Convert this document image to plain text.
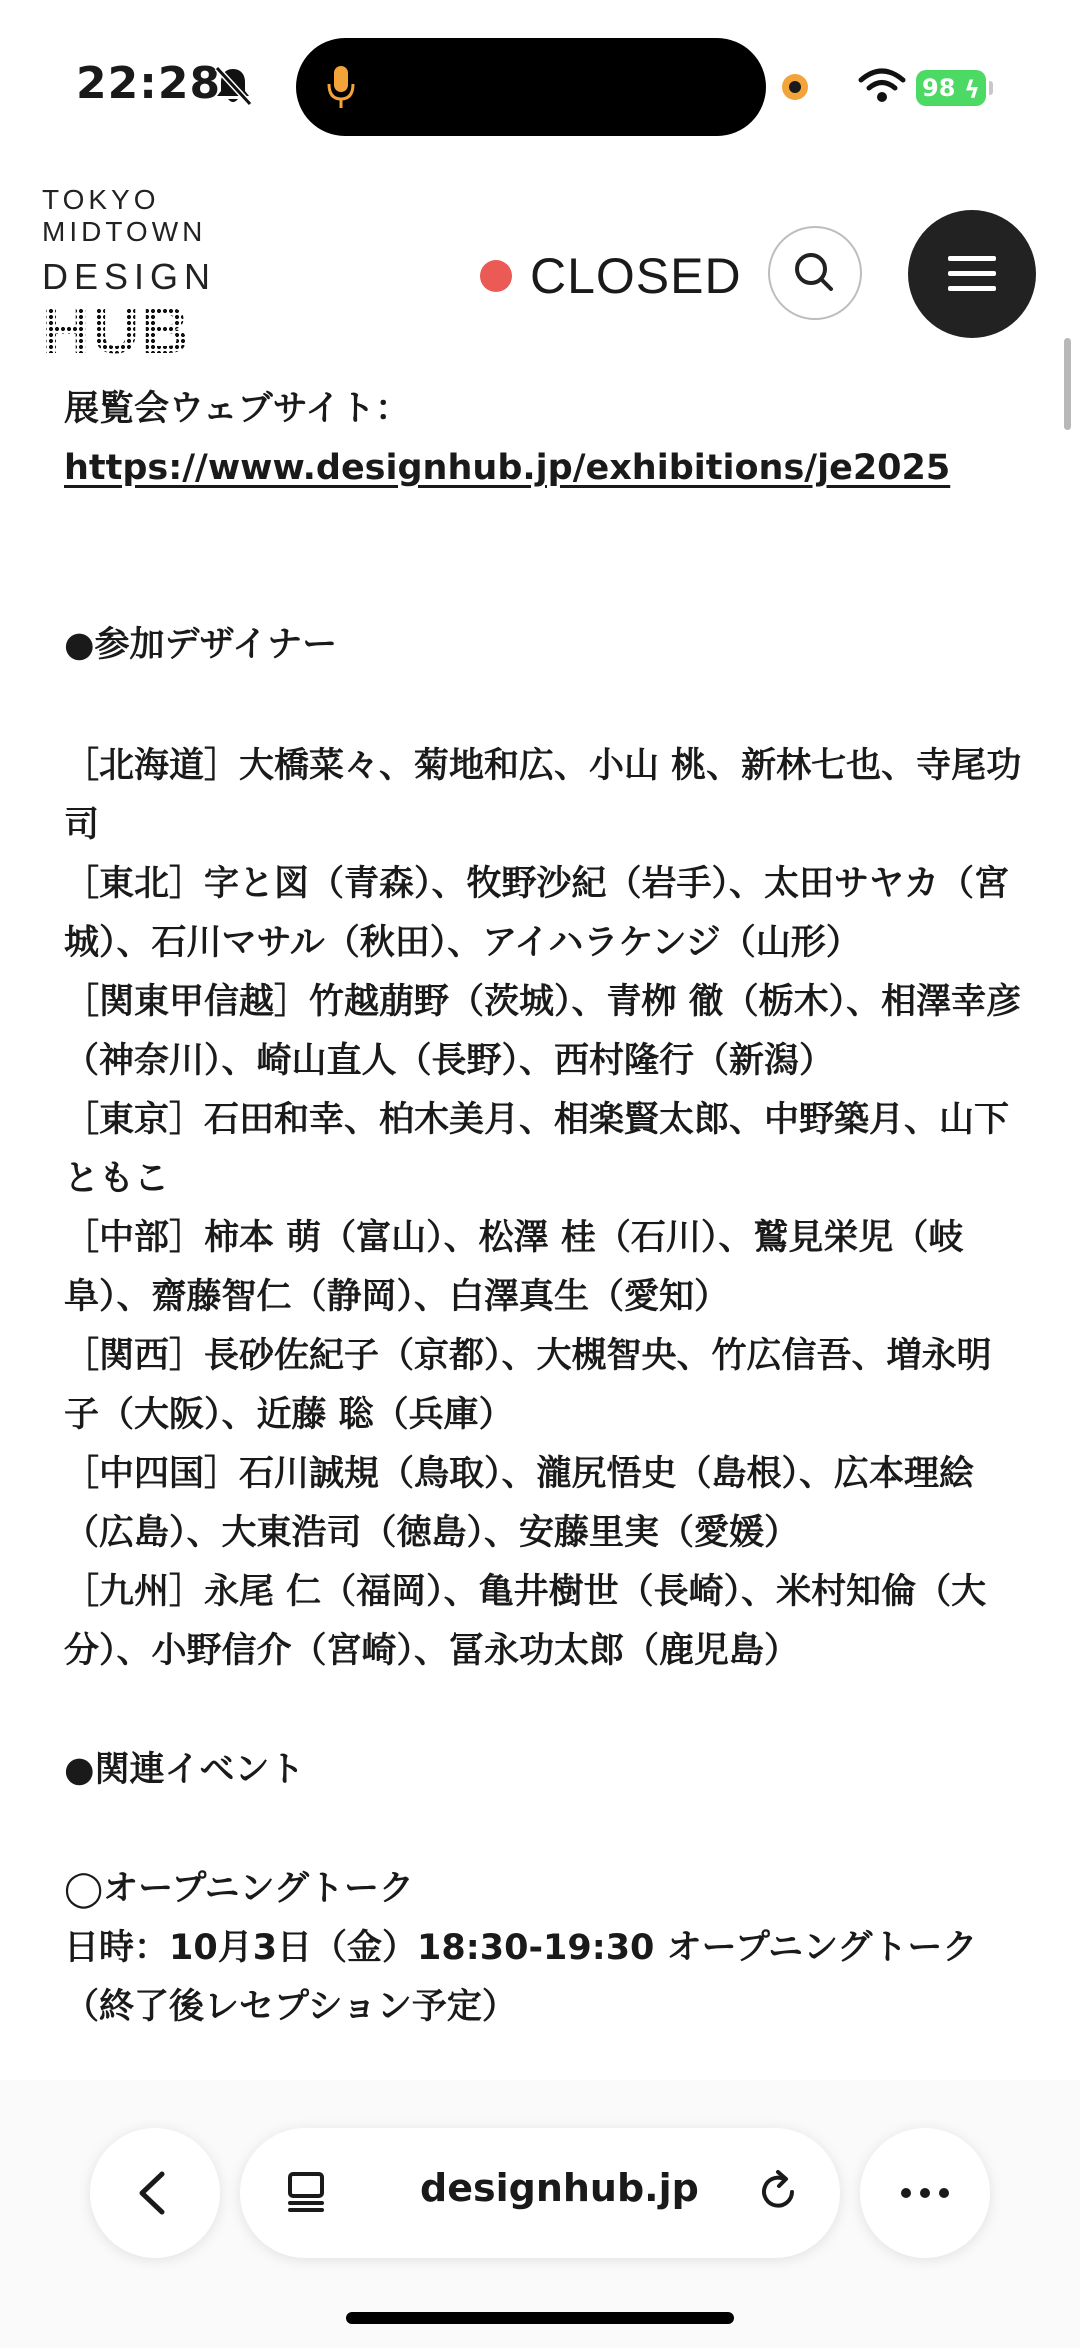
22:28	98 ϟ
TOKYO
MIDTOWN
DESIGN
HUB
CLOSED

展覧会ウェブサイト：

https://www.designhub.jp/exhibitions/je2025

●参加デザイナー

［北海道］大橋菜々、菊地和広、小山 桃、新林七也、寺尾功司

［東北］字と図（青森）、牧野沙紀（岩手）、太田サヤカ（宮城）、石川マサル（秋田）、アイハラケンジ（山形）

［関東甲信越］竹越萠野（茨城）、青栁 徹（栃木）、相澤幸彦（神奈川）、崎山直人（長野）、西村隆行（新潟）

［東京］石田和幸、柏木美月、相楽賢太郎、中野築月、山下ともこ

［中部］柿本 萌（富山）、松澤 桂（石川）、鷲見栄児（岐阜）、齋藤智仁（静岡）、白澤真生（愛知）

［関西］長砂佐紀子（京都）、大槻智央、竹広信吾、増永明子（大阪）、近藤 聡（兵庫）

［中四国］石川誠規（鳥取）、瀧尻悟史（島根）、広本理絵（広島）、大東浩司（徳島）、安藤里実（愛媛）

［九州］永尾 仁（福岡）、亀井樹世（長崎）、米村知倫（大分）、小野信介（宮崎）、冨永功太郎（鹿児島）

●関連イベント

◯オープニングトーク

日時：10月3日（金）18:30-19:30 オープニングトーク（終了後レセプション予定）

designhub.jp
